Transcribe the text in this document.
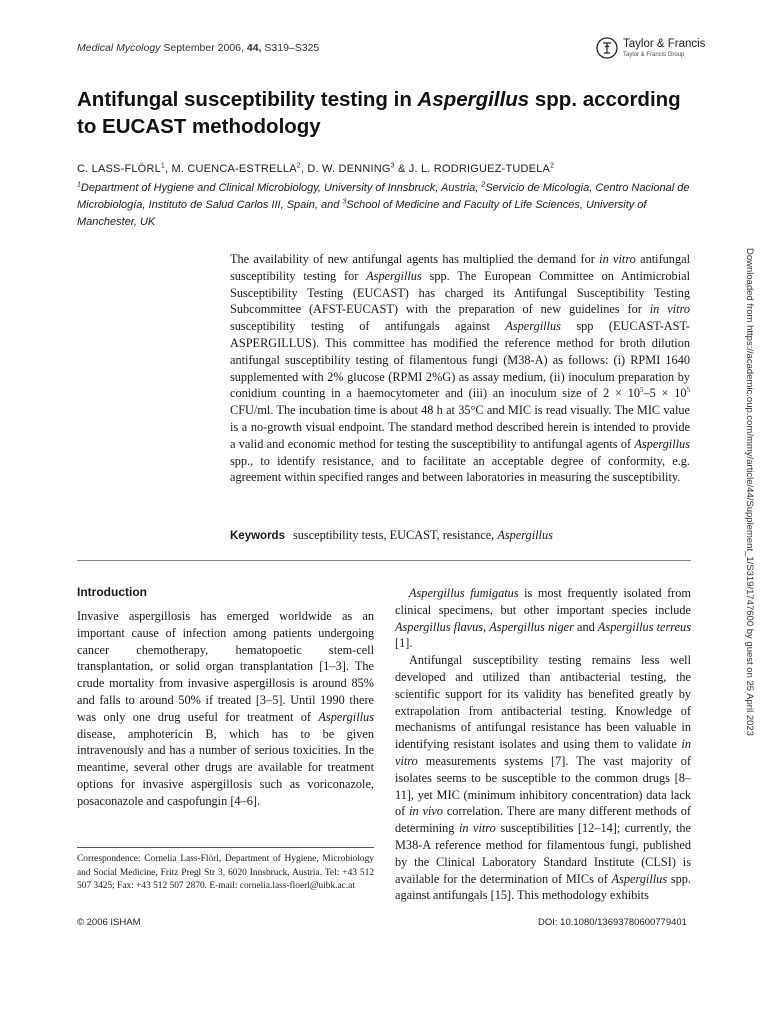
Medical Mycology September 2006, 44, S319–S325	Taylor & Francis
Taylor & Francis Group
Antifungal susceptibility testing in Aspergillus spp. according to EUCAST methodology
C. LASS-FLÖRL$^1$, M. CUENCA-ESTRELLA$^2$, D. W. DENNING$^3$ & J. L. RODRIGUEZ-TUDELA$^2$
$^1$Department of Hygiene and Clinical Microbiology, University of Innsbruck, Austria, $^2$Servicio de Micologia, Centro Nacional de Microbiología, Instituto de Salud Carlos III, Spain, and $^3$School of Medicine and Faculty of Life Sciences, University of Manchester, UK
The availability of new antifungal agents has multiplied the demand for in vitro antifungal susceptibility testing for Aspergillus spp. The European Committee on Antimicrobial Susceptibility Testing (EUCAST) has charged its Antifungal Susceptibility Testing Subcommittee (AFST-EUCAST) with the preparation of new guidelines for in vitro susceptibility testing of antifungals against Aspergillus spp (EUCAST-AST-ASPERGILLUS). This committee has modified the reference method for broth dilution antifungal susceptibility testing of filamentous fungi (M38-A) as follows: (i) RPMI 1640 supplemented with 2% glucose (RPMI 2%G) as assay medium, (ii) inoculum preparation by conidium counting in a haemocytometer and (iii) an inoculum size of $2 \times 10^5-5 \times 10^5$ CFU/ml. The incubation time is about 48 h at 35°C and MIC is read visually. The MIC value is a no-growth visual endpoint. The standard method described herein is intended to provide a valid and economic method for testing the susceptibility to antifungal agents of Aspergillus spp., to identify resistance, and to facilitate an acceptable degree of conformity, e.g. agreement within specified ranges and between laboratories in measuring the susceptibility.
Keywords susceptibility tests, EUCAST, resistance, Aspergillus
Introduction
Invasive aspergillosis has emerged worldwide as an important cause of infection among patients undergoing cancer chemotherapy, hematopoetic stem-cell transplantation, or solid organ transplantation [1–3]. The crude mortality from invasive aspergillosis is around 85% and falls to around 50% if treated [3–5]. Until 1990 there was only one drug useful for treatment of Aspergillus disease, amphotericin B, which has to be given intravenously and has a number of serious toxicities. In the meantime, several other drugs are available for treatment options for invasive aspergillosis such as voriconazole, posaconazole and caspofungin [4–6].

Aspergillus fumigatus is most frequently isolated from clinical specimens, but other important species include Aspergillus flavus, Aspergillus niger and Aspergillus terreus [1].

Antifungal susceptibility testing remains less well developed and utilized than antibacterial testing, the scientific support for its validity has benefited greatly by extrapolation from antibacterial testing. Knowledge of mechanisms of antifungal resistance has been valuable in identifying resistant isolates and using them to validate in vitro measurements systems [7]. The vast majority of isolates seems to be susceptible to the common drugs [8–11], yet MIC (minimum inhibitory concentration) data lack of in vivo correlation. There are many different methods of determining in vitro susceptibilities [12–14]; currently, the M38-A reference method for filamentous fungi, published by the Clinical Laboratory Standard Institute (CLSI) is available for the determination of MICs of Aspergillus spp. against antifungals [15]. This methodology exhibits

Correspondence: Cornelia Lass-Flörl, Department of Hygiene, Microbiology and Social Medicine, Fritz Pregl Str 3, 6020 Innsbruck, Austria. Tel: +43 512 507 3425; Fax: +43 512 507 2870. E-mail: cornelia.lass-floerl@uibk.ac.at
© 2006 ISHAM	DOI: 10.1080/13693780600779401
Downloaded from https://academic.oup.com/mmy/article/44/Supplement_1/S319/1747600 by guest on 25 April 2023
